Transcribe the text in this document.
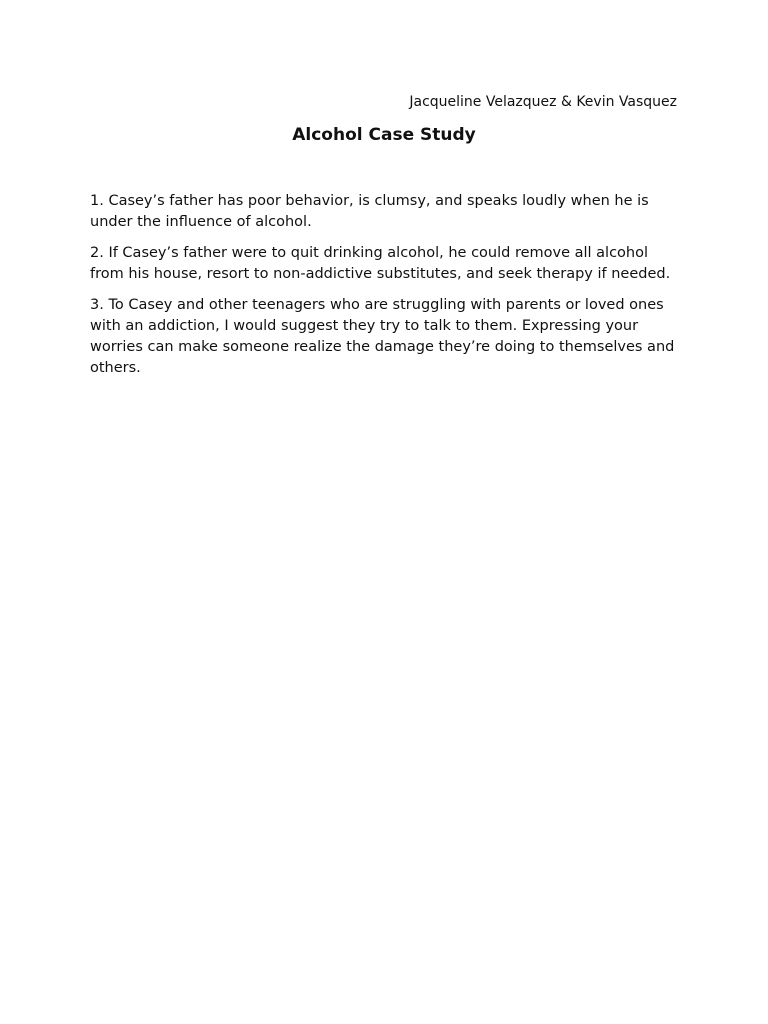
Jacqueline Velazquez & Kevin Vasquez
Alcohol Case Study

1. Casey’s father has poor behavior, is clumsy, and speaks loudly when he is under the influence of alcohol.

2. If Casey’s father were to quit drinking alcohol, he could remove all alcohol from his house, resort to non-addictive substitutes, and seek therapy if needed.

3. To Casey and other teenagers who are struggling with parents or loved ones with an addiction, I would suggest they try to talk to them. Expressing your worries can make someone realize the damage they’re doing to themselves and others.
